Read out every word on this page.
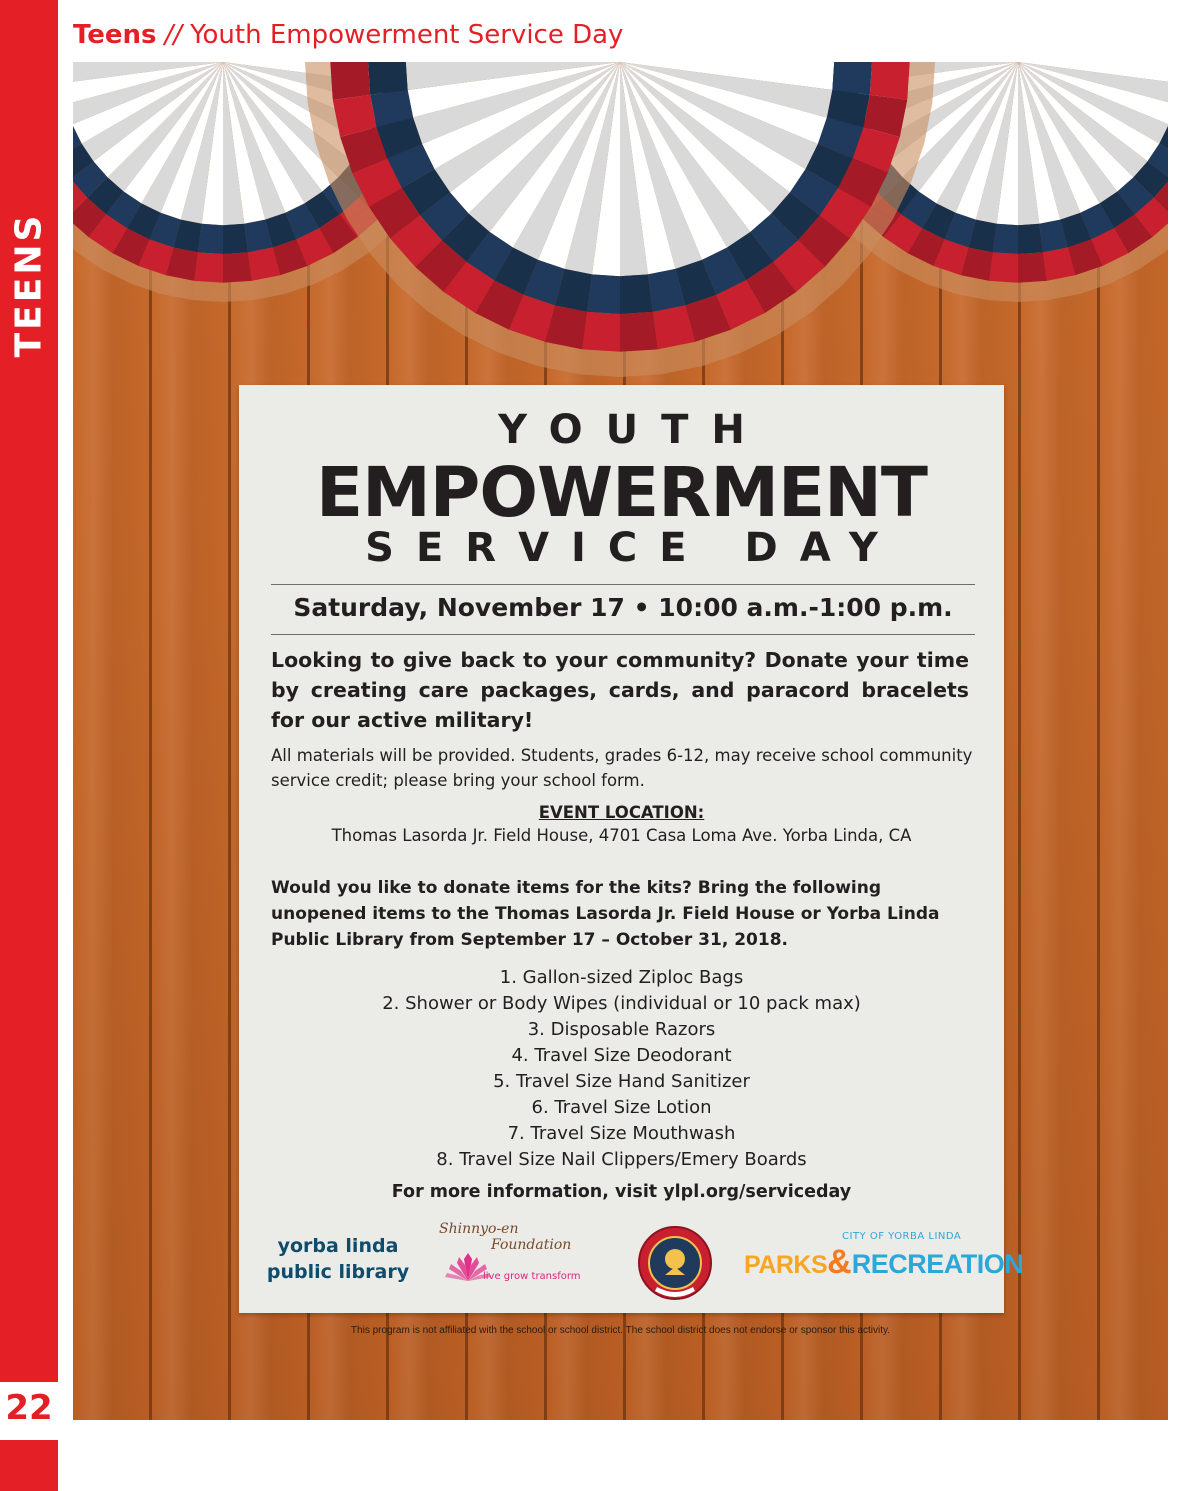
TEENS
22
Teens // Youth Empowerment Service Day
YOUTH
EMPOWERMENT
SERVICE DAY
Saturday, November 17 • 10:00 a.m.-1:00 p.m.
Looking to give back to your community? Donate your time by creating care packages, cards, and paracord bracelets for our active military!
All materials will be provided. Students, grades 6-12, may receive school community service credit; please bring your school form.
EVENT LOCATION:
Thomas Lasorda Jr. Field House, 4701 Casa Loma Ave. Yorba Linda, CA
Would you like to donate items for the kits? Bring the following unopened items to the Thomas Lasorda Jr. Field House or Yorba Linda Public Library from September 17 – October 31, 2018.
1. Gallon-sized Ziploc Bags
2. Shower or Body Wipes (individual or 10 pack max)
3. Disposable Razors
4. Travel Size Deodorant
5. Travel Size Hand Sanitizer
6. Travel Size Lotion
7. Travel Size Mouthwash
8. Travel Size Nail Clippers/Emery Boards
For more information, visit ylpl.org/serviceday
yorba linda
public library
Shinnyo-en
Foundation
live grow transform
CITY OF YORBA LINDA
PARKS&RECREATION
This program is not affiliated with the school or school district. The school district does not endorse or sponsor this activity.
